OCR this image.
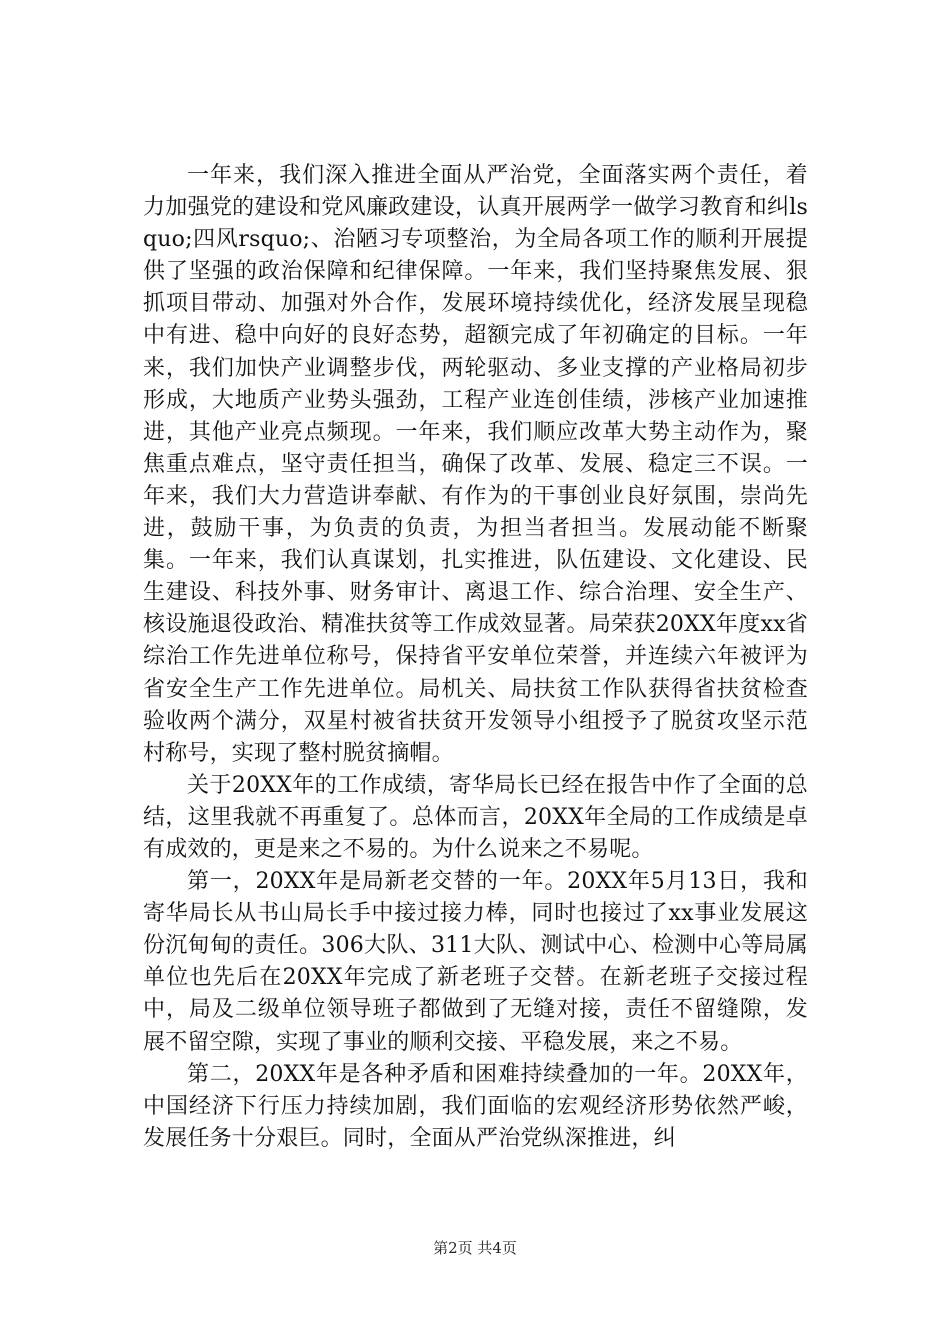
一年来，我们深入推进全面从严治党，全面落实两个责任，着力加强党的建设和党风廉政建设，认真开展两学一做学习教育和纠lsquo;四风rsquo;、治陋习专项整治，为全局各项工作的顺利开展提供了坚强的政治保障和纪律保障。一年来，我们坚持聚焦发展、狠抓项目带动、加强对外合作，发展环境持续优化，经济发展呈现稳中有进、稳中向好的良好态势，超额完成了年初确定的目标。一年来，我们加快产业调整步伐，两轮驱动、多业支撑的产业格局初步形成，大地质产业势头强劲，工程产业连创佳绩，涉核产业加速推进，其他产业亮点频现。一年来，我们顺应改革大势主动作为，聚焦重点难点，坚守责任担当，确保了改革、发展、稳定三不误。一年来，我们大力营造讲奉献、有作为的干事创业良好氛围，崇尚先进，鼓励干事，为负责的负责，为担当者担当。发展动能不断聚集。一年来，我们认真谋划，扎实推进，队伍建设、文化建设、民生建设、科技外事、财务审计、离退工作、综合治理、安全生产、核设施退役政治、精准扶贫等工作成效显著。局荣获20XX年度xx省综治工作先进单位称号，保持省平安单位荣誉，并连续六年被评为省安全生产工作先进单位。局机关、局扶贫工作队获得省扶贫检查验收两个满分，双星村被省扶贫开发领导小组授予了脱贫攻坚示范村称号，实现了整村脱贫摘帽。

关于20XX年的工作成绩，寄华局长已经在报告中作了全面的总结，这里我就不再重复了。总体而言，20XX年全局的工作成绩是卓有成效的，更是来之不易的。为什么说来之不易呢。

第一，20XX年是局新老交替的一年。20XX年5月13日，我和寄华局长从书山局长手中接过接力棒，同时也接过了xx事业发展这份沉甸甸的责任。306大队、311大队、测试中心、检测中心等局属单位也先后在20XX年完成了新老班子交替。在新老班子交接过程中，局及二级单位领导班子都做到了无缝对接，责任不留缝隙，发展不留空隙，实现了事业的顺利交接、平稳发展，来之不易。

第二，20XX年是各种矛盾和困难持续叠加的一年。20XX年，中国经济下行压力持续加剧，我们面临的宏观经济形势依然严峻，发展任务十分艰巨。同时，全面从严治党纵深推进，纠

第2页 共4页
